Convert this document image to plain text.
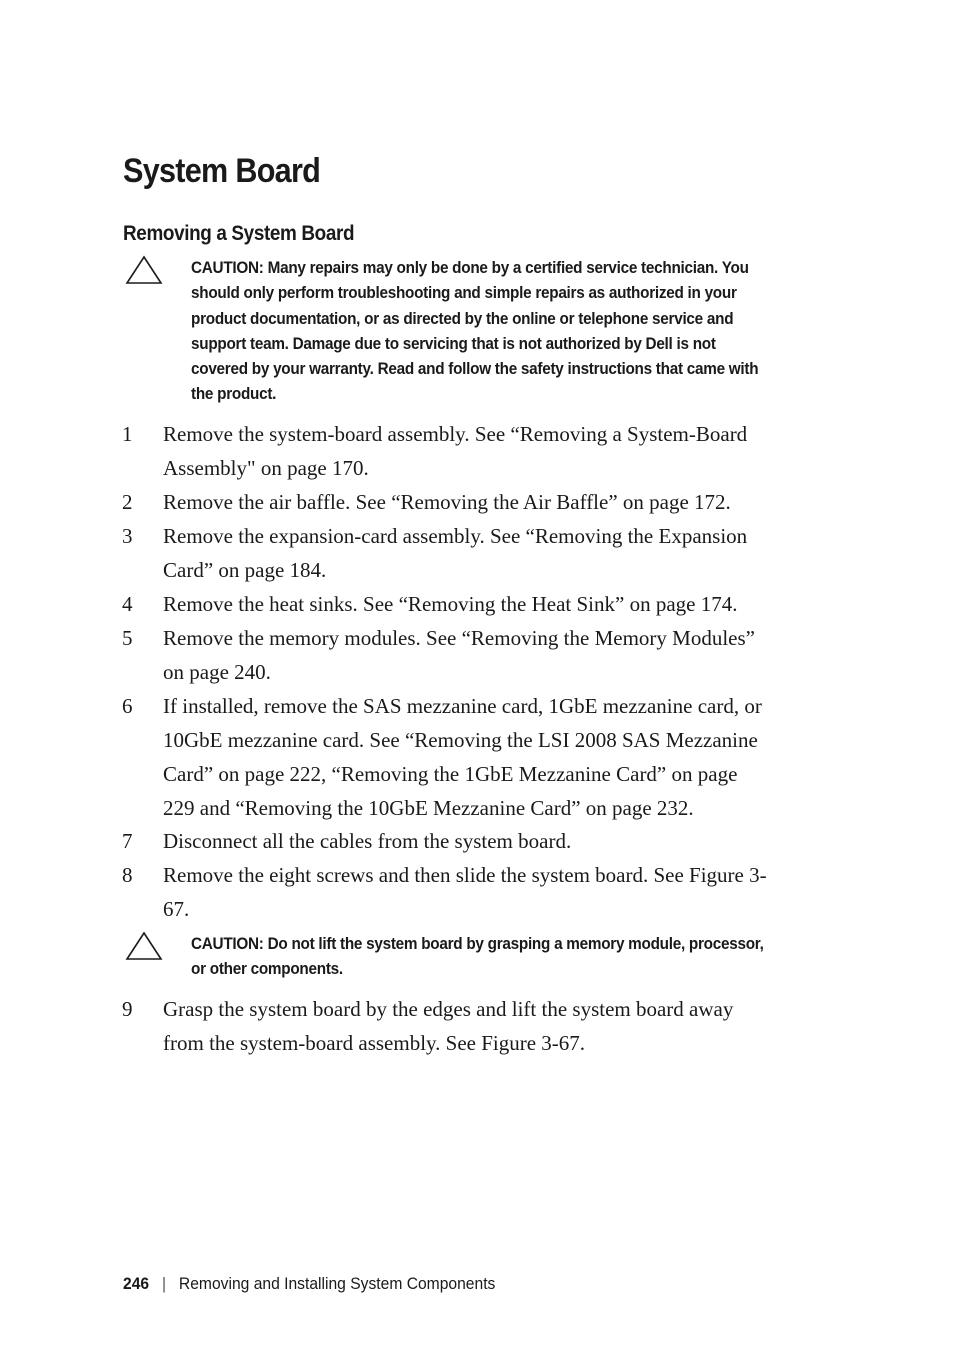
System Board
Removing a System Board

CAUTION: Many repairs may only be done by a certified service technician. You
should only perform troubleshooting and simple repairs as authorized in your
product documentation, or as directed by the online or telephone service and
support team. Damage due to servicing that is not authorized by Dell is not
covered by your warranty. Read and follow the safety instructions that came with
the product.

1 Remove the system-board assembly. See “Removing a System-Board
Assembly" on page 170.
2 Remove the air baffle. See “Removing the Air Baffle” on page 172.
3 Remove the expansion-card assembly. See “Removing the Expansion
Card” on page 184.
4 Remove the heat sinks. See “Removing the Heat Sink” on page 174.
5 Remove the memory modules. See “Removing the Memory Modules”
on page 240.
6 If installed, remove the SAS mezzanine card, 1GbE mezzanine card, or
10GbE mezzanine card. See “Removing the LSI 2008 SAS Mezzanine
Card” on page 222, “Removing the 1GbE Mezzanine Card” on page
229 and “Removing the 10GbE Mezzanine Card” on page 232.
7 Disconnect all the cables from the system board.
8 Remove the eight screws and then slide the system board. See Figure 3-
67.

CAUTION: Do not lift the system board by grasping a memory module, processor,
or other components.

9 Grasp the system board by the edges and lift the system board away
from the system-board assembly. See Figure 3-67.
246 | Removing and Installing System Components
